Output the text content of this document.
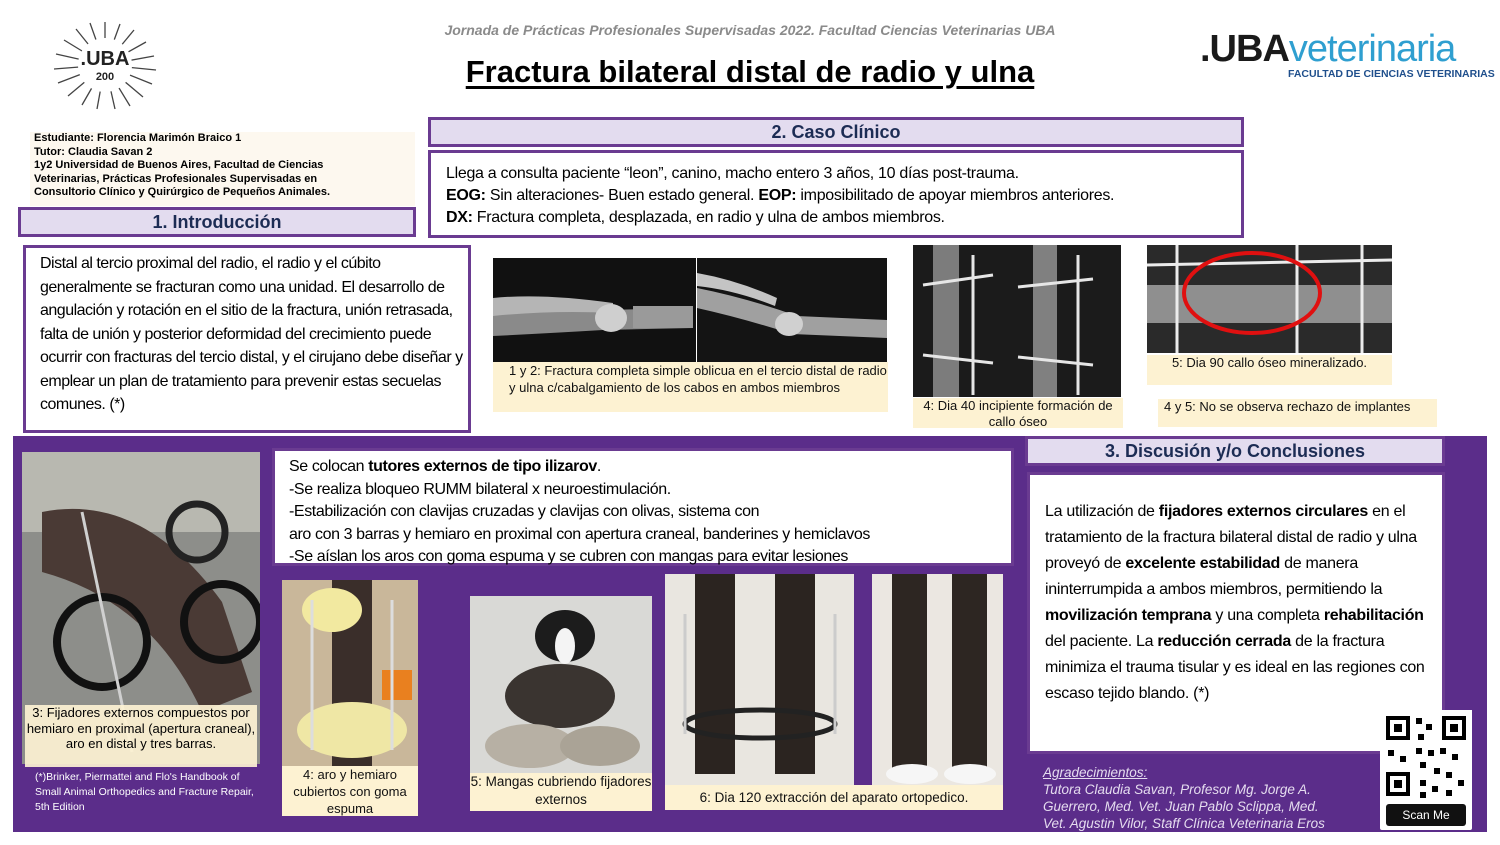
.UBA
200
Jornada de Prácticas Profesionales Supervisadas 2022. Facultad Ciencias Veterinarias UBA
Fractura bilateral distal de radio y ulna
.UBAveterinaria
FACULTAD DE CIENCIAS VETERINARIAS
Estudiante: Florencia Marimón Braico 1
Tutor: Claudia Savan 2
1y2 Universidad de Buenos Aires, Facultad de Ciencias
Veterinarias, Prácticas Profesionales Supervisadas en
Consultorio Clínico y Quirúrgico de Pequeños Animales.
1. Introducción
2. Caso Clínico
Distal al tercio proximal del radio, el radio y el cúbito generalmente se fracturan como una unidad. El desarrollo de angulación y rotación en el sitio de la fractura, unión retrasada, falta de unión y posterior deformidad del crecimiento puede ocurrir con fracturas del tercio distal, y el cirujano debe diseñar y emplear un plan de tratamiento para prevenir estas secuelas comunes. (*)
Llega a consulta paciente “leon”, canino, macho entero 3 años, 10 días post-trauma.
EOG: Sin alteraciones- Buen estado general. EOP: imposibilitado de apoyar miembros anteriores.
DX: Fractura completa, desplazada, en radio y ulna de ambos miembros.
1 y 2: Fractura completa simple oblicua en el tercio distal de radio y ulna c/cabalgamiento de los cabos en ambos miembros
4: Dia 40 incipiente formación de callo óseo
5: Dia 90 callo óseo mineralizado.
4 y 5: No se observa rechazo de implantes
3: Fijadores externos compuestos por hemiaro en proximal (apertura craneal), aro en distal y tres barras.
(*)Brinker, Piermattei and Flo's Handbook of Small Animal Orthopedics and Fracture Repair, 5th Edition
Se colocan tutores externos de tipo ilizarov.
-Se realiza bloqueo RUMM bilateral x neuroestimulación.
-Estabilización con clavijas cruzadas y clavijas con olivas, sistema con
aro con 3 barras y hemiaro en proximal con apertura craneal, banderines y hemiclavos
-Se aíslan los aros con goma espuma y se cubren con mangas para evitar lesiones
4: aro y hemiaro cubiertos con goma espuma
5: Mangas cubriendo fijadores externos	6: Dia 120 extracción del aparato ortopedico.
3. Discusión y/o Conclusiones
La utilización de fijadores externos circulares en el tratamiento de la fractura bilateral distal de radio y ulna proveyó de excelente estabilidad de manera ininterrumpida a ambos miembros, permitiendo la movilización temprana y una completa rehabilitación del paciente. La reducción cerrada de la fractura minimiza el trauma tisular y es ideal en las regiones con escaso tejido blando. (*)
Agradecimientos:
Tutora Claudia Savan, Profesor Mg. Jorge A. Guerrero, Med. Vet. Juan Pablo Sclippa, Med. Vet. Agustin Vilor, Staff Clínica Veterinaria Eros
Scan Me
